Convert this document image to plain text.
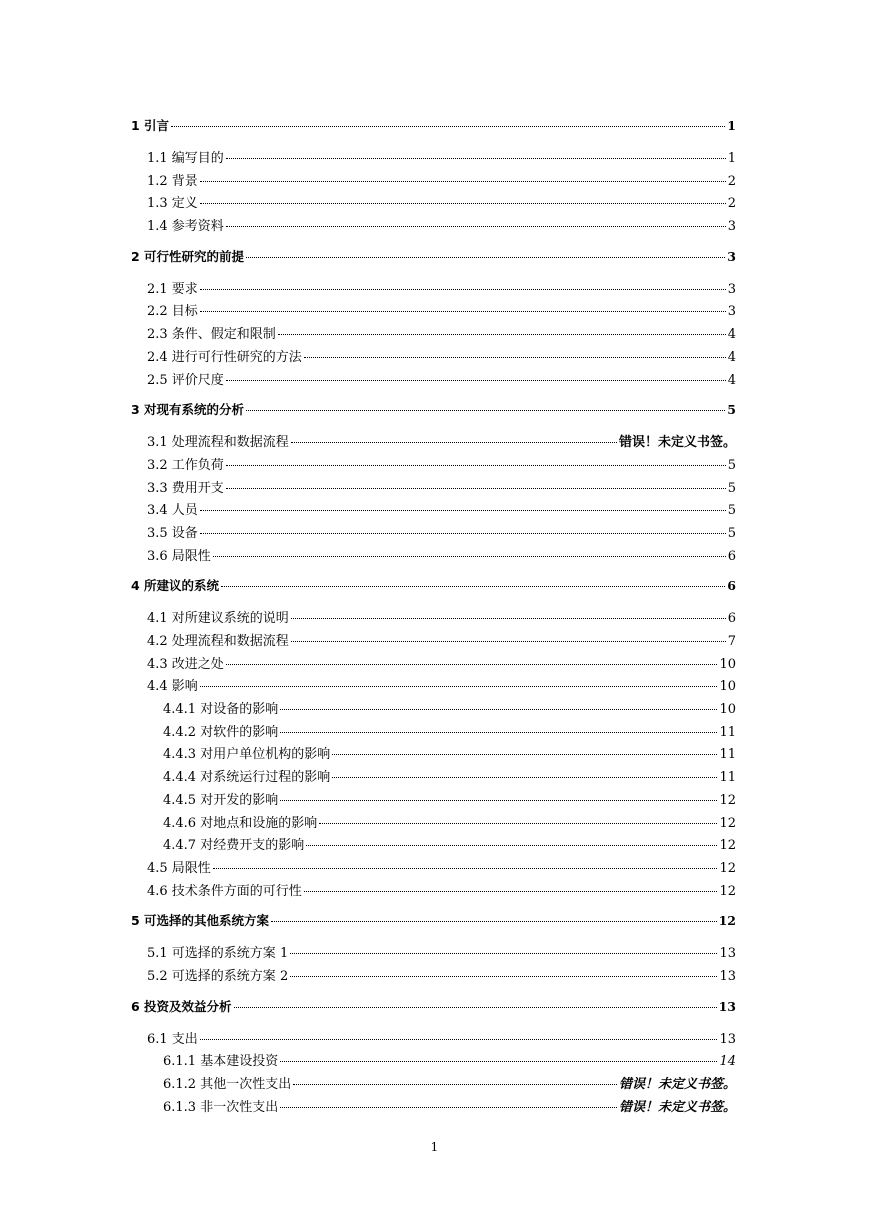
1 引言	1
1.1 编写目的	1
1.2 背景	2
1.3 定义	2
1.4 参考资料	3
2 可行性研究的前提	3
2.1 要求	3
2.2 目标	3
2.3 条件、假定和限制	4
2.4 进行可行性研究的方法	4
2.5 评价尺度	4
3 对现有系统的分析	5
3.1 处理流程和数据流程	错误！未定义书签。
3.2 工作负荷	5
3.3 费用开支	5
3.4 人员	5
3.5 设备	5
3.6 局限性	6
4 所建议的系统	6
4.1 对所建议系统的说明	6
4.2 处理流程和数据流程	7
4.3 改进之处	10
4.4 影响	10
4.4.1 对设备的影响	10
4.4.2 对软件的影响	11
4.4.3 对用户单位机构的影响	11
4.4.4 对系统运行过程的影响	11
4.4.5 对开发的影响	12
4.4.6 对地点和设施的影响	12
4.4.7 对经费开支的影响	12
4.5 局限性	12
4.6 技术条件方面的可行性	12
5 可选择的其他系统方案	12
5.1 可选择的系统方案 1	13
5.2 可选择的系统方案 2	13
6 投资及效益分析	13
6.1 支出	13
6.1.1 基本建设投资	14
6.1.2 其他一次性支出	错误！未定义书签。
6.1.3 非一次性支出	错误！未定义书签。
1
